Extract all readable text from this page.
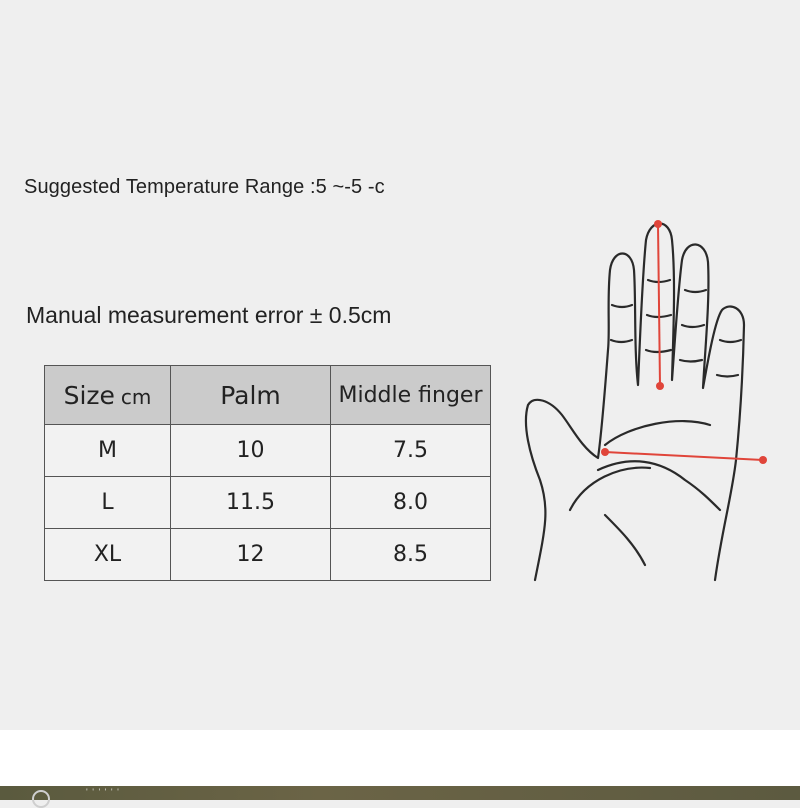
Suggested Temperature Range :5 ~-5 -c
Manual measurement error ± 0.5cm
Size cm	Palm	Middle finger
M	10	7.5
L	11.5	8.0
XL	12	8.5
' ' ' ' ' '
